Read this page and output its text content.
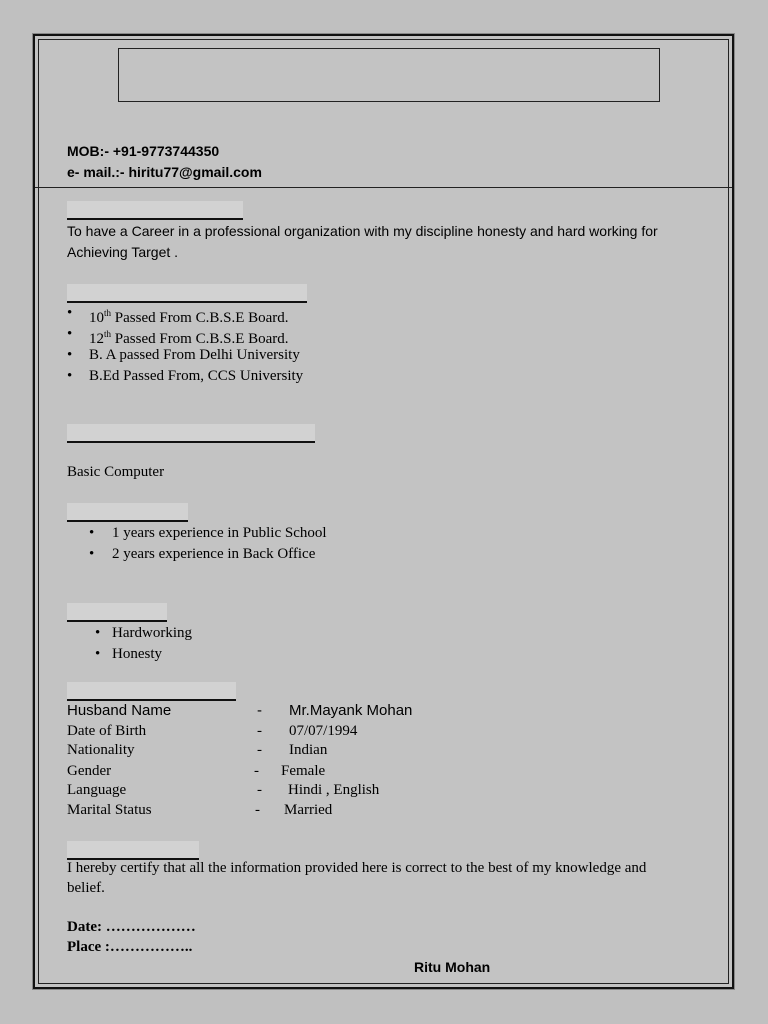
MOB:- +91-9773744350
e- mail.:- hiritu77@gmail.com
To have a Career in a professional organization with my discipline honesty and hard working for
Achieving Target .
• 10th Passed From C.B.S.E Board.
• 12th Passed From C.B.S.E Board.
• B. A passed From Delhi University
• B.Ed Passed From, CCS University
Basic Computer
• 1 years experience in Public School
• 2 years experience in Back Office
• Hardworking
• Honesty
Husband Name	- Mr.Mayank Mohan
Date of Birth	- 07/07/1994
Nationality	- Indian
Gender	- Female
Language	- Hindi , English
Marital Status	- Married
I hereby certify that all the information provided here is correct to the best of my knowledge and
belief.
Date: ………………
Place :……………..
Ritu Mohan
